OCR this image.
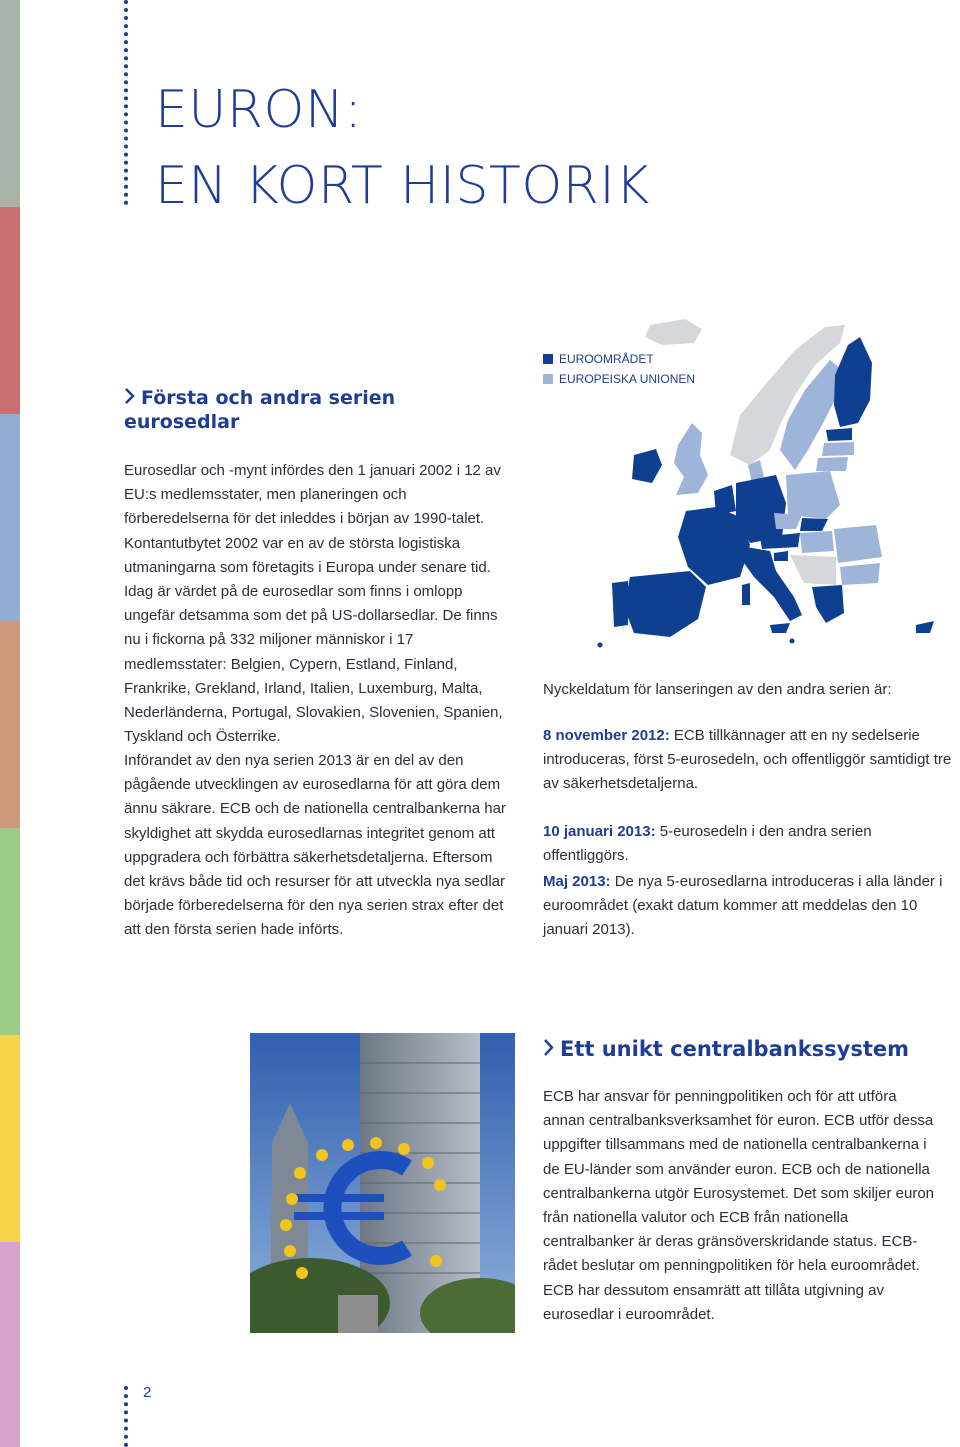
EURON:
EN KORT HISTORIK
Första och andra serien
eurosedlar

Eurosedlar och -mynt infördes den 1 januari 2002 i 12 av EU:s medlemsstater, men planeringen och förberedelserna för det inleddes i början av 1990-talet. Kontantutbytet 2002 var en av de största logistiska utmaningarna som företagits i Europa under senare tid. Idag är värdet på de eurosedlar som finns i omlopp ungefär detsamma som det på US-dollarsedlar. De finns nu i fickorna på 332 miljoner människor i 17 medlemsstater: Belgien, Cypern, Estland, Finland, Frankrike, Grekland, Irland, Italien, Luxemburg, Malta, Nederländerna, Portugal, Slovakien, Slovenien, Spanien, Tyskland och Österrike.

Införandet av den nya serien 2013 är en del av den pågående utvecklingen av eurosedlarna för att göra dem ännu säkrare. ECB och de nationella centralbankerna har skyldighet att skydda eurosedlarnas integritet genom att uppgradera och förbättra säkerhetsdetaljerna. Eftersom det krävs både tid och resurser för att utveckla nya sedlar började förberedelserna för den nya serien strax efter det att den första serien hade införts.

EUROOMRÅDET
EUROPEISKA UNIONEN

Nyckeldatum för lanseringen av den andra serien är:

8 november 2012: ECB tillkännager att en ny sedelserie introduceras, först 5-eurosedeln, och offentliggör samtidigt tre av säkerhetsdetaljerna.

10 januari 2013: 5-eurosedeln i den andra serien offentliggörs.

Maj 2013: De nya 5-eurosedlarna introduceras i alla länder i euroområdet (exakt datum kommer att meddelas den 10 januari 2013).

Ett unikt centralbankssystem

ECB har ansvar för penningpolitiken och för att utföra annan centralbanksverksamhet för euron. ECB utför dessa uppgifter tillsammans med de nationella centralbankerna i de EU-länder som använder euron. ECB och de nationella centralbankerna utgör Eurosystemet. Det som skiljer euron från nationella valutor och ECB från nationella centralbanker är deras gränsöverskridande status. ECB-rådet beslutar om penningpolitiken för hela euroområdet. ECB har dessutom ensamrätt att tillåta utgivning av eurosedlar i euroområdet.

2
